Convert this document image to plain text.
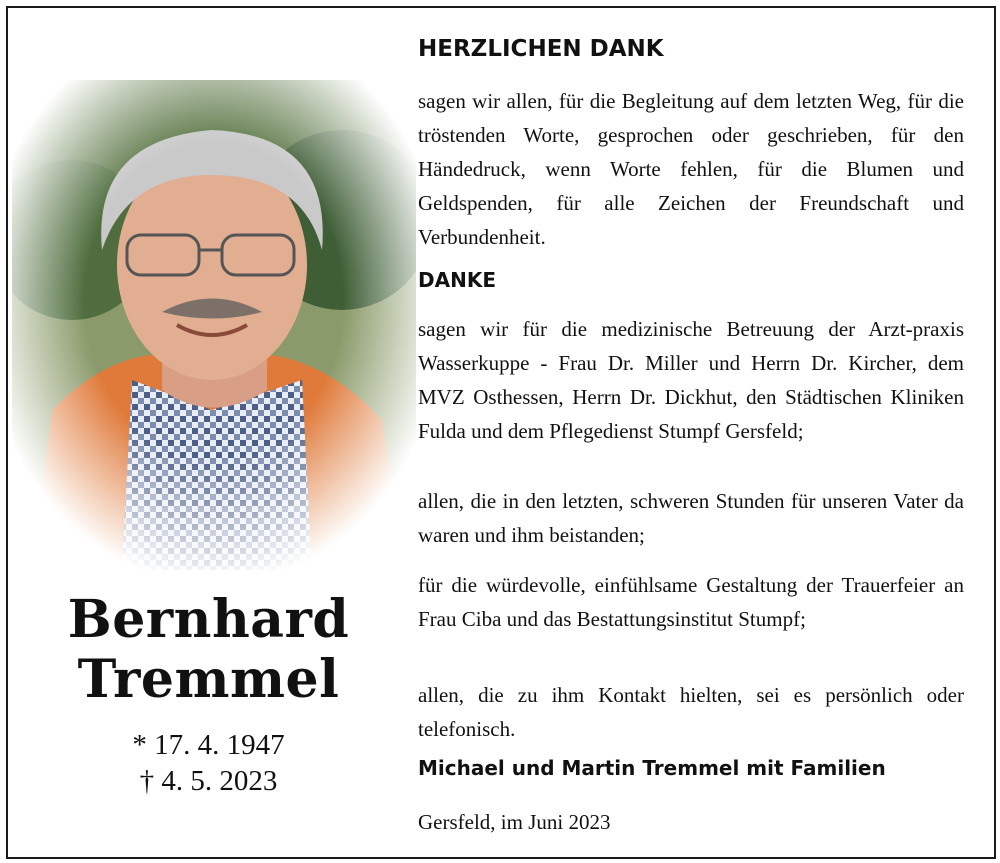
Bernhard

Tremmel

* 17. 4. 1947

† 4. 5. 2023

HERZLICHEN DANK

sagen wir allen, für die Begleitung auf dem letzten Weg, für die tröstenden Worte, gesprochen oder geschrieben, für den Händedruck, wenn Worte fehlen, für die Blumen und Geldspenden, für alle Zeichen der Freundschaft und Verbundenheit.

DANKE

sagen wir für die medizinische Betreuung der Arzt-praxis Wasserkuppe - Frau Dr. Miller und Herrn Dr. Kircher, dem MVZ Osthessen, Herrn Dr. Dickhut, den Städtischen Kliniken Fulda und dem Pflegedienst Stumpf Gersfeld;

allen, die in den letzten, schweren Stunden für unseren Vater da waren und ihm beistanden;

für die würdevolle, einfühlsame Gestaltung der Trauerfeier an Frau Ciba und das Bestattungsinstitut Stumpf;

allen, die zu ihm Kontakt hielten, sei es persönlich oder telefonisch.

Michael und Martin Tremmel mit Familien

Gersfeld, im Juni 2023
